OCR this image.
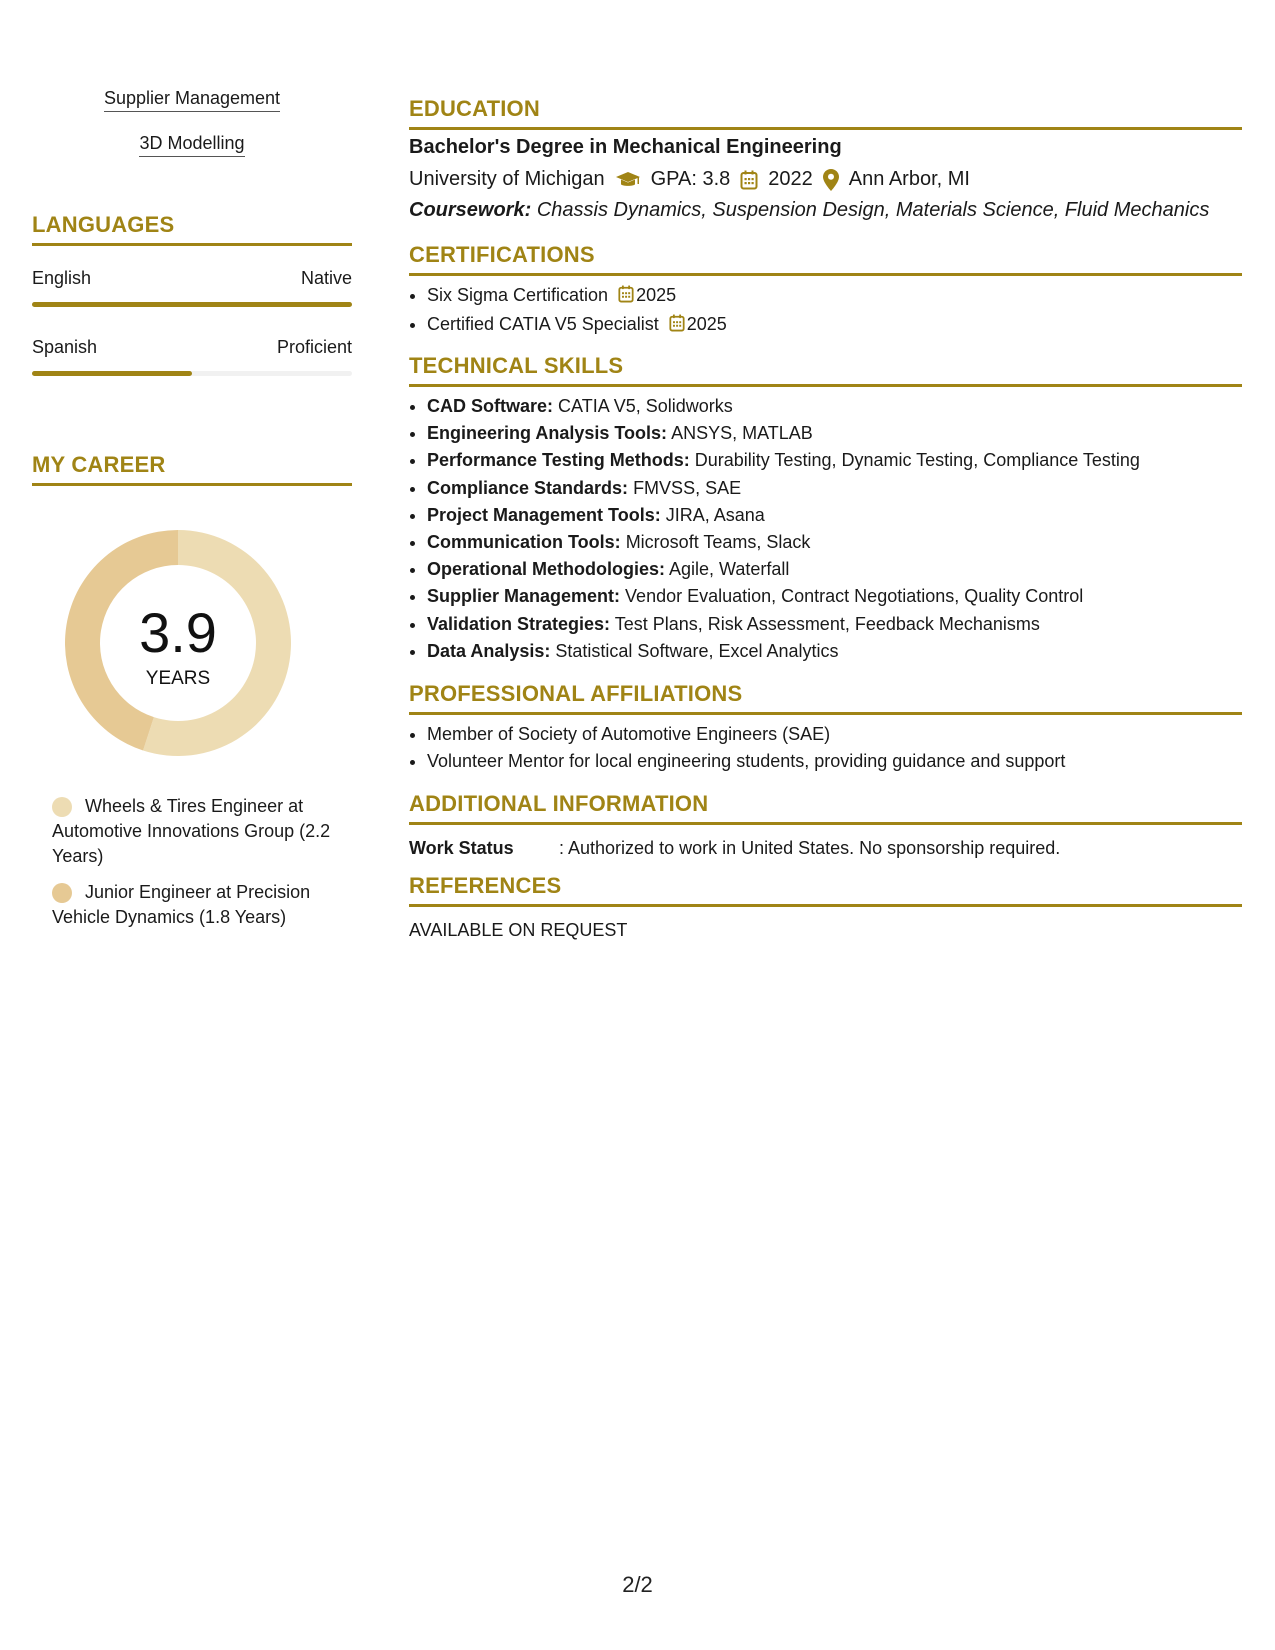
Supplier Management
3D Modelling
LANGUAGES
English	Native
Spanish	Proficient
MY CAREER
3.9
YEARS
Wheels & Tires Engineer at Automotive Innovations Group (2.2 Years)
Junior Engineer at Precision Vehicle Dynamics (1.8 Years)
EDUCATION
Bachelor's Degree in Mechanical Engineering
University of Michigan GPA: 3.8 2022 Ann Arbor, MI
Coursework: Chassis Dynamics, Suspension Design, Materials Science, Fluid Mechanics
CERTIFICATIONS
• Six Sigma Certification 2025
• Certified CATIA V5 Specialist 2025
TECHNICAL SKILLS
• CAD Software: CATIA V5, Solidworks
• Engineering Analysis Tools: ANSYS, MATLAB
• Performance Testing Methods: Durability Testing, Dynamic Testing, Compliance Testing
• Compliance Standards: FMVSS, SAE
• Project Management Tools: JIRA, Asana
• Communication Tools: Microsoft Teams, Slack
• Operational Methodologies: Agile, Waterfall
• Supplier Management: Vendor Evaluation, Contract Negotiations, Quality Control
• Validation Strategies: Test Plans, Risk Assessment, Feedback Mechanisms
• Data Analysis: Statistical Software, Excel Analytics
PROFESSIONAL AFFILIATIONS
• Member of Society of Automotive Engineers (SAE)
• Volunteer Mentor for local engineering students, providing guidance and support
ADDITIONAL INFORMATION
Work Status	: Authorized to work in United States. No sponsorship required.
REFERENCES
AVAILABLE ON REQUEST
2/2
